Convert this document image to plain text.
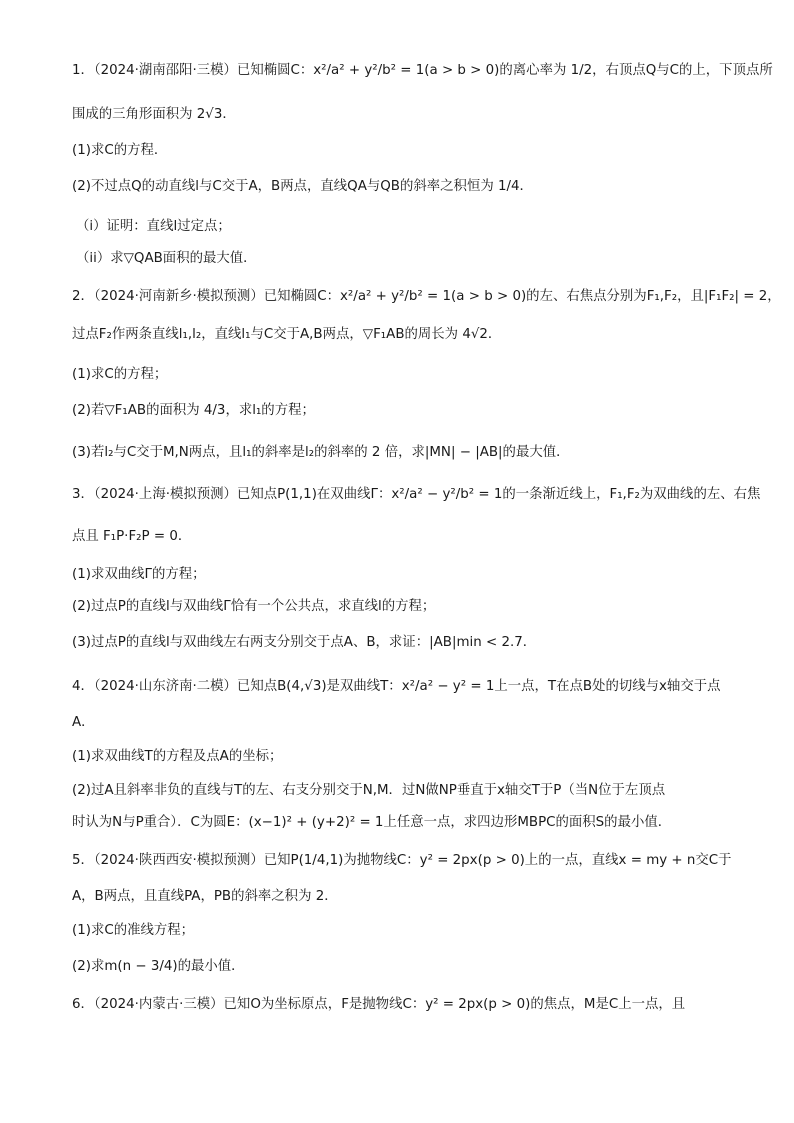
1．（2024·湖南邵阳·三模）已知椭圆C：x²/a² + y²/b² = 1(a > b > 0)的离心率为 1/2，右顶点Q与C的上，下顶点所
围成的三角形面积为 2√3．
(1)求C的方程．
(2)不过点Q的动直线l与C交于A，B两点，直线QA与QB的斜率之积恒为 1/4．
（i）证明：直线l过定点；
（ii）求▽QAB面积的最大值．
2．（2024·河南新乡·模拟预测）已知椭圆C：x²/a² + y²/b² = 1(a > b > 0)的左、右焦点分别为F₁,F₂，且|F₁F₂| = 2，
过点F₂作两条直线l₁,l₂，直线l₁与C交于A,B两点，▽F₁AB的周长为 4√2．
(1)求C的方程；
(2)若▽F₁AB的面积为 4/3，求l₁的方程；
(3)若l₂与C交于M,N两点，且l₁的斜率是l₂的斜率的 2 倍，求|MN| − |AB|的最大值．
3．（2024·上海·模拟预测）已知点P(1,1)在双曲线Γ：x²/a² − y²/b² = 1的一条渐近线上，F₁,F₂为双曲线的左、右焦
点且 F₁P·F₂P = 0．
(1)求双曲线Γ的方程；
(2)过点P的直线l与双曲线Γ恰有一个公共点，求直线l的方程；
(3)过点P的直线l与双曲线左右两支分别交于点A、B，求证：|AB|min < 2.7．
4．（2024·山东济南·二模）已知点B(4,√3)是双曲线T：x²/a² − y² = 1上一点，T在点B处的切线与x轴交于点
A．
(1)求双曲线T的方程及点A的坐标；
(2)过A且斜率非负的直线与T的左、右支分别交于N,M．过N做NP垂直于x轴交T于P（当N位于左顶点
时认为N与P重合）．C为圆E：(x−1)² + (y+2)² = 1上任意一点，求四边形MBPC的面积S的最小值．
5．（2024·陕西西安·模拟预测）已知P(1/4,1)为抛物线C：y² = 2px(p > 0)上的一点，直线x = my + n交C于
A，B两点，且直线PA，PB的斜率之积为 2．
(1)求C的准线方程；
(2)求m(n − 3/4)的最小值．
6．（2024·内蒙古·三模）已知O为坐标原点，F是抛物线C：y² = 2px(p > 0)的焦点，M是C上一点，且
